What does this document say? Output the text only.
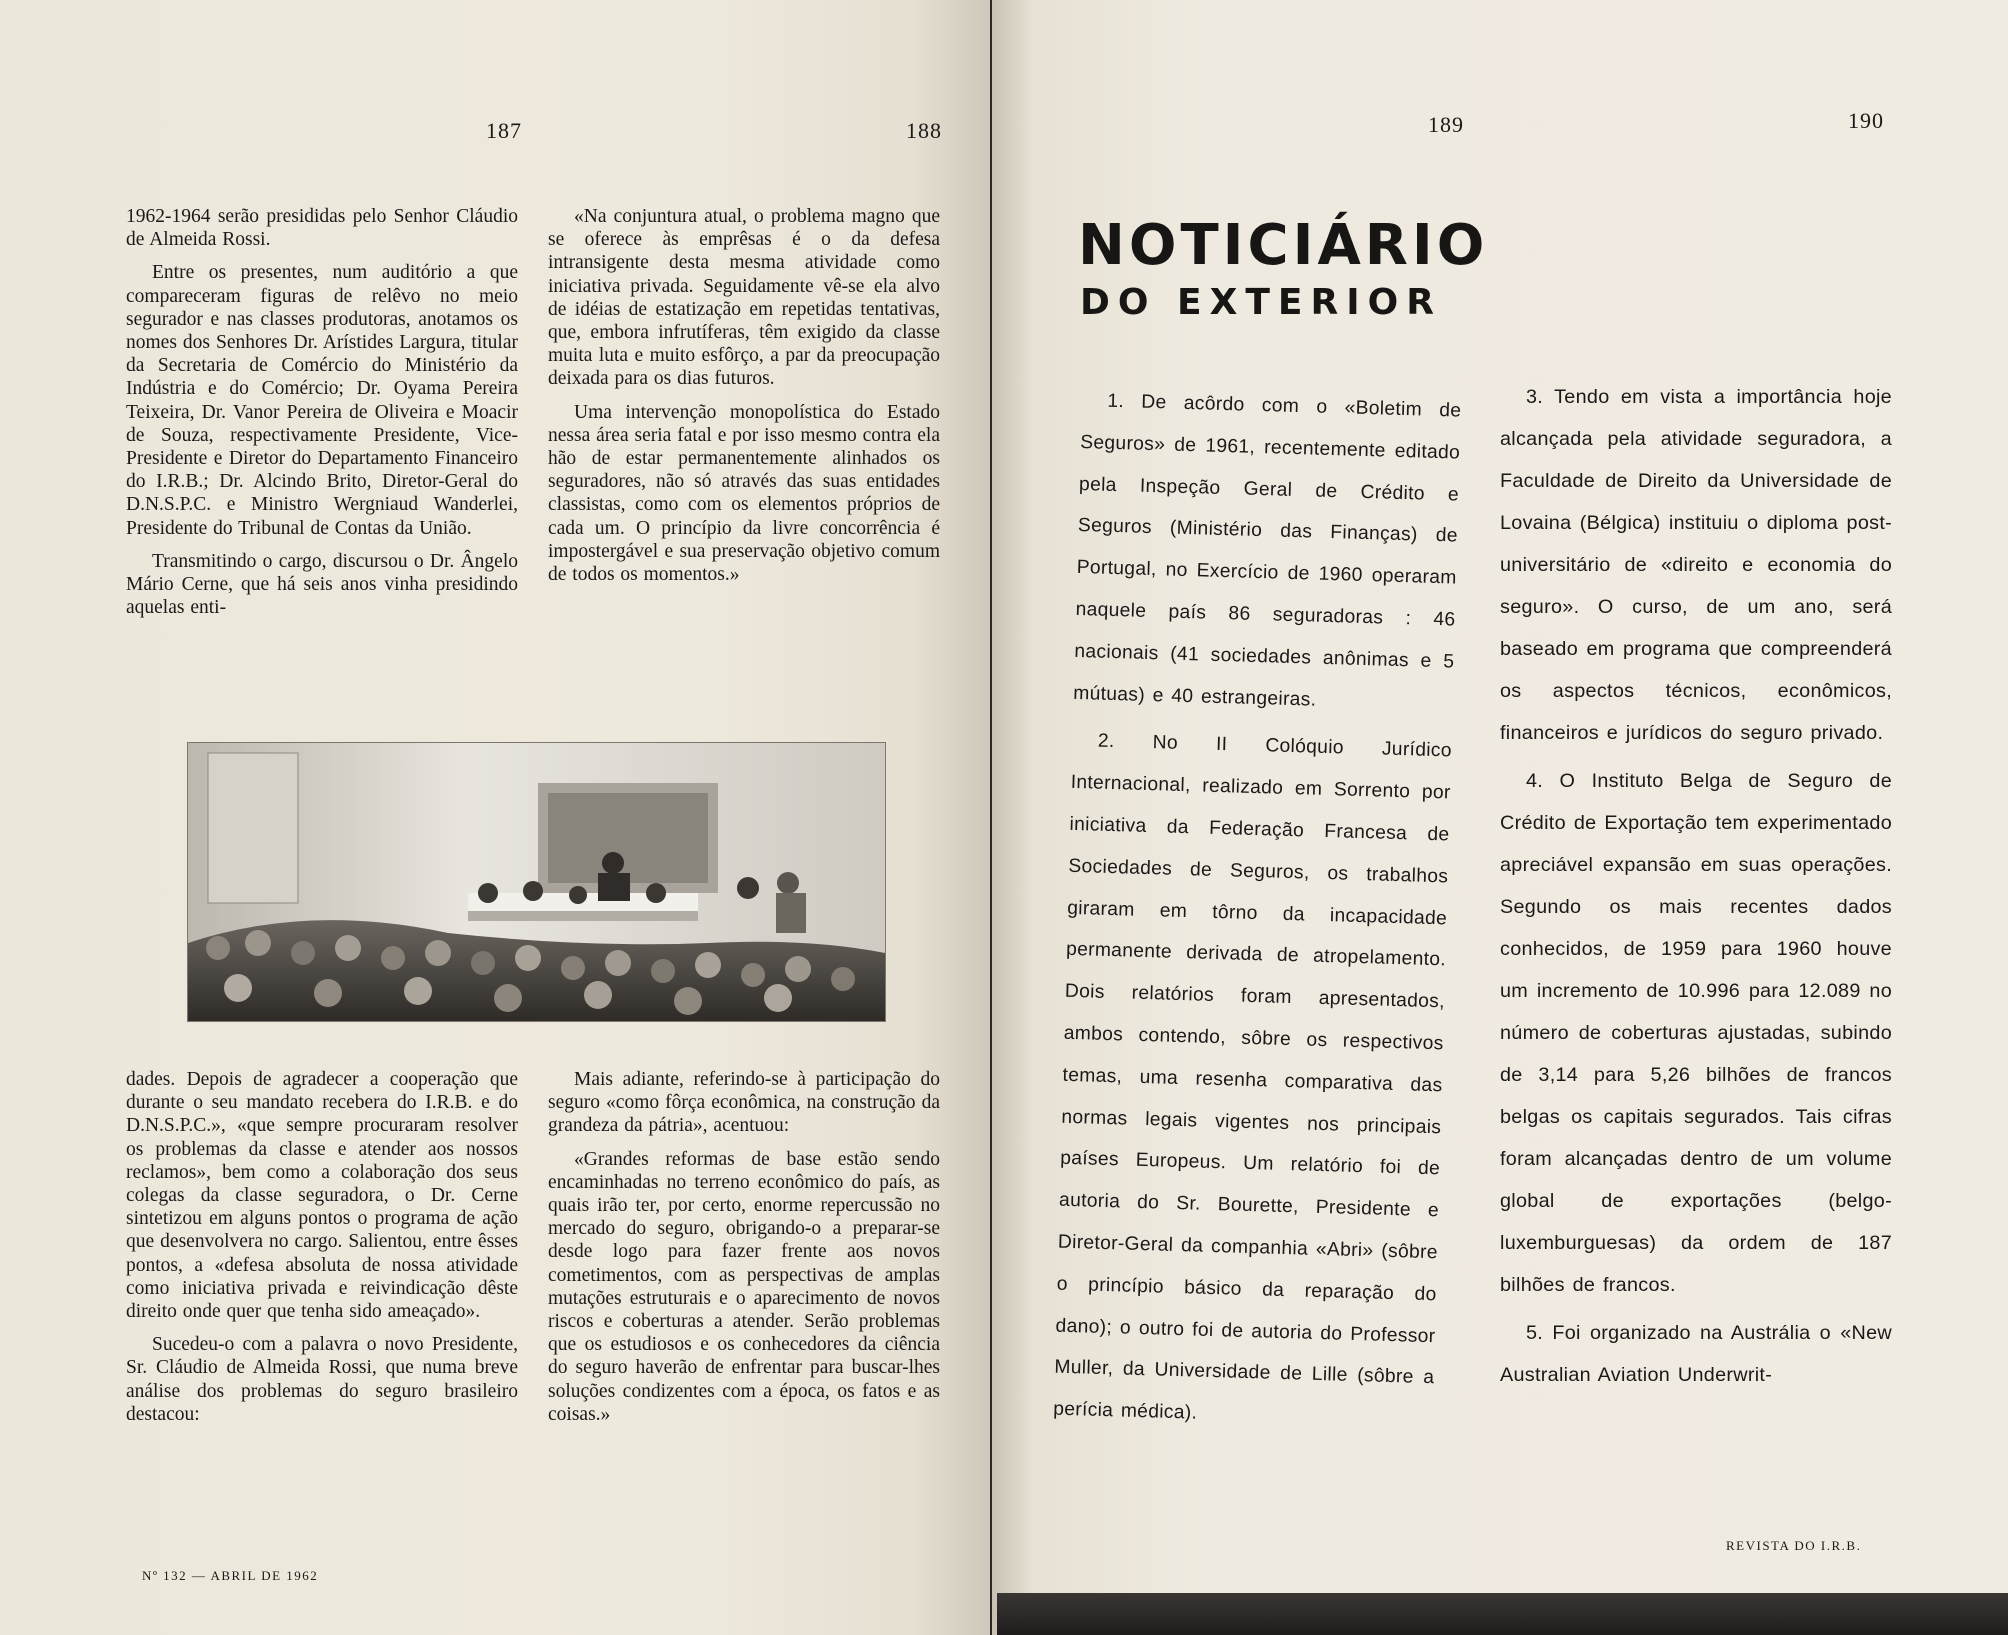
187	188

1962-1964 serão presididas pelo Senhor Cláudio de Almeida Rossi.

Entre os presentes, num auditório a que compareceram figuras de relêvo no meio segurador e nas classes produtoras, anotamos os nomes dos Senhores Dr. Arístides Largura, titular da Secretaria de Comércio do Ministério da Indústria e do Comércio; Dr. Oyama Pereira Teixeira, Dr. Vanor Pereira de Oliveira e Moacir de Souza, respectivamente Presidente, Vice-Presidente e Diretor do Departamento Financeiro do I.R.B.; Dr. Alcindo Brito, Diretor-Geral do D.N.S.P.C. e Ministro Wergniaud Wanderlei, Presidente do Tribunal de Contas da União.

Transmitindo o cargo, discursou o Dr. Ângelo Mário Cerne, que há seis anos vinha presidindo aquelas enti-

«Na conjuntura atual, o problema magno que se oferece às emprêsas é o da defesa intransigente desta mesma atividade como iniciativa privada. Seguidamente vê-se ela alvo de idéias de estatização em repetidas tentativas, que, embora infrutíferas, têm exigido da classe muita luta e muito esfôrço, a par da preocupação deixada para os dias futuros.

Uma intervenção monopolística do Estado nessa área seria fatal e por isso mesmo contra ela hão de estar permanentemente alinhados os seguradores, não só através das suas entidades classistas, como com os elementos próprios de cada um. O princípio da livre concorrência é impostergável e sua preservação objetivo comum de todos os momentos.»

dades. Depois de agradecer a cooperação que durante o seu mandato recebera do I.R.B. e do D.N.S.P.C.», «que sempre procuraram resolver os problemas da classe e atender aos nossos reclamos», bem como a colaboração dos seus colegas da classe seguradora, o Dr. Cerne sintetizou em alguns pontos o programa de ação que desenvolvera no cargo. Salientou, entre êsses pontos, a «defesa absoluta de nossa atividade como iniciativa privada e reivindicação dêste direito onde quer que tenha sido ameaçado».

Sucedeu-o com a palavra o novo Presidente, Sr. Cláudio de Almeida Rossi, que numa breve análise dos problemas do seguro brasileiro destacou:

Mais adiante, referindo-se à participação do seguro «como fôrça econômica, na construção da grandeza da pátria», acentuou:

«Grandes reformas de base estão sendo encaminhadas no terreno econômico do país, as quais irão ter, por certo, enorme repercussão no mercado do seguro, obrigando-o a preparar-se desde logo para fazer frente aos novos cometimentos, com as perspectivas de amplas mutações estruturais e o aparecimento de novos riscos e coberturas a atender. Serão problemas que os estudiosos e os conhecedores da ciência do seguro haverão de enfrentar para buscar-lhes soluções condizentes com a época, os fatos e as coisas.»

Nº 132 — ABRIL DE 1962
189	190
NOTICIÁRIO
DO EXTERIOR

1. De acôrdo com o «Boletim de Seguros» de 1961, recentemente editado pela Inspeção Geral de Crédito e Seguros (Ministério das Finanças) de Portugal, no Exercício de 1960 operaram naquele país 86 seguradoras : 46 nacionais (41 sociedades anônimas e 5 mútuas) e 40 estrangeiras.

2. No II Colóquio Jurídico Internacional, realizado em Sorrento por iniciativa da Federação Francesa de Sociedades de Seguros, os trabalhos giraram em tôrno da incapacidade permanente derivada de atropelamento. Dois relatórios foram apresentados, ambos contendo, sôbre os respectivos temas, uma resenha comparativa das normas legais vigentes nos principais países Europeus. Um relatório foi de autoria do Sr. Bourette, Presidente e Diretor-Geral da companhia «Abri» (sôbre o princípio básico da reparação do dano); o outro foi de autoria do Professor Muller, da Universidade de Lille (sôbre a perícia médica).

3. Tendo em vista a importância hoje alcançada pela atividade seguradora, a Faculdade de Direito da Universidade de Lovaina (Bélgica) instituiu o diploma post-universitário de «direito e economia do seguro». O curso, de um ano, será baseado em programa que compreenderá os aspectos técnicos, econômicos, financeiros e jurídicos do seguro privado.

4. O Instituto Belga de Seguro de Crédito de Exportação tem experimentado apreciável expansão em suas operações. Segundo os mais recentes dados conhecidos, de 1959 para 1960 houve um incremento de 10.996 para 12.089 no número de coberturas ajustadas, subindo de 3,14 para 5,26 bilhões de francos belgas os capitais segurados. Tais cifras foram alcançadas dentro de um volume global de exportações (belgo-luxemburguesas) da ordem de 187 bilhões de francos.

5. Foi organizado na Austrália o «New Australian Aviation Underwrit-

REVISTA DO I.R.B.
